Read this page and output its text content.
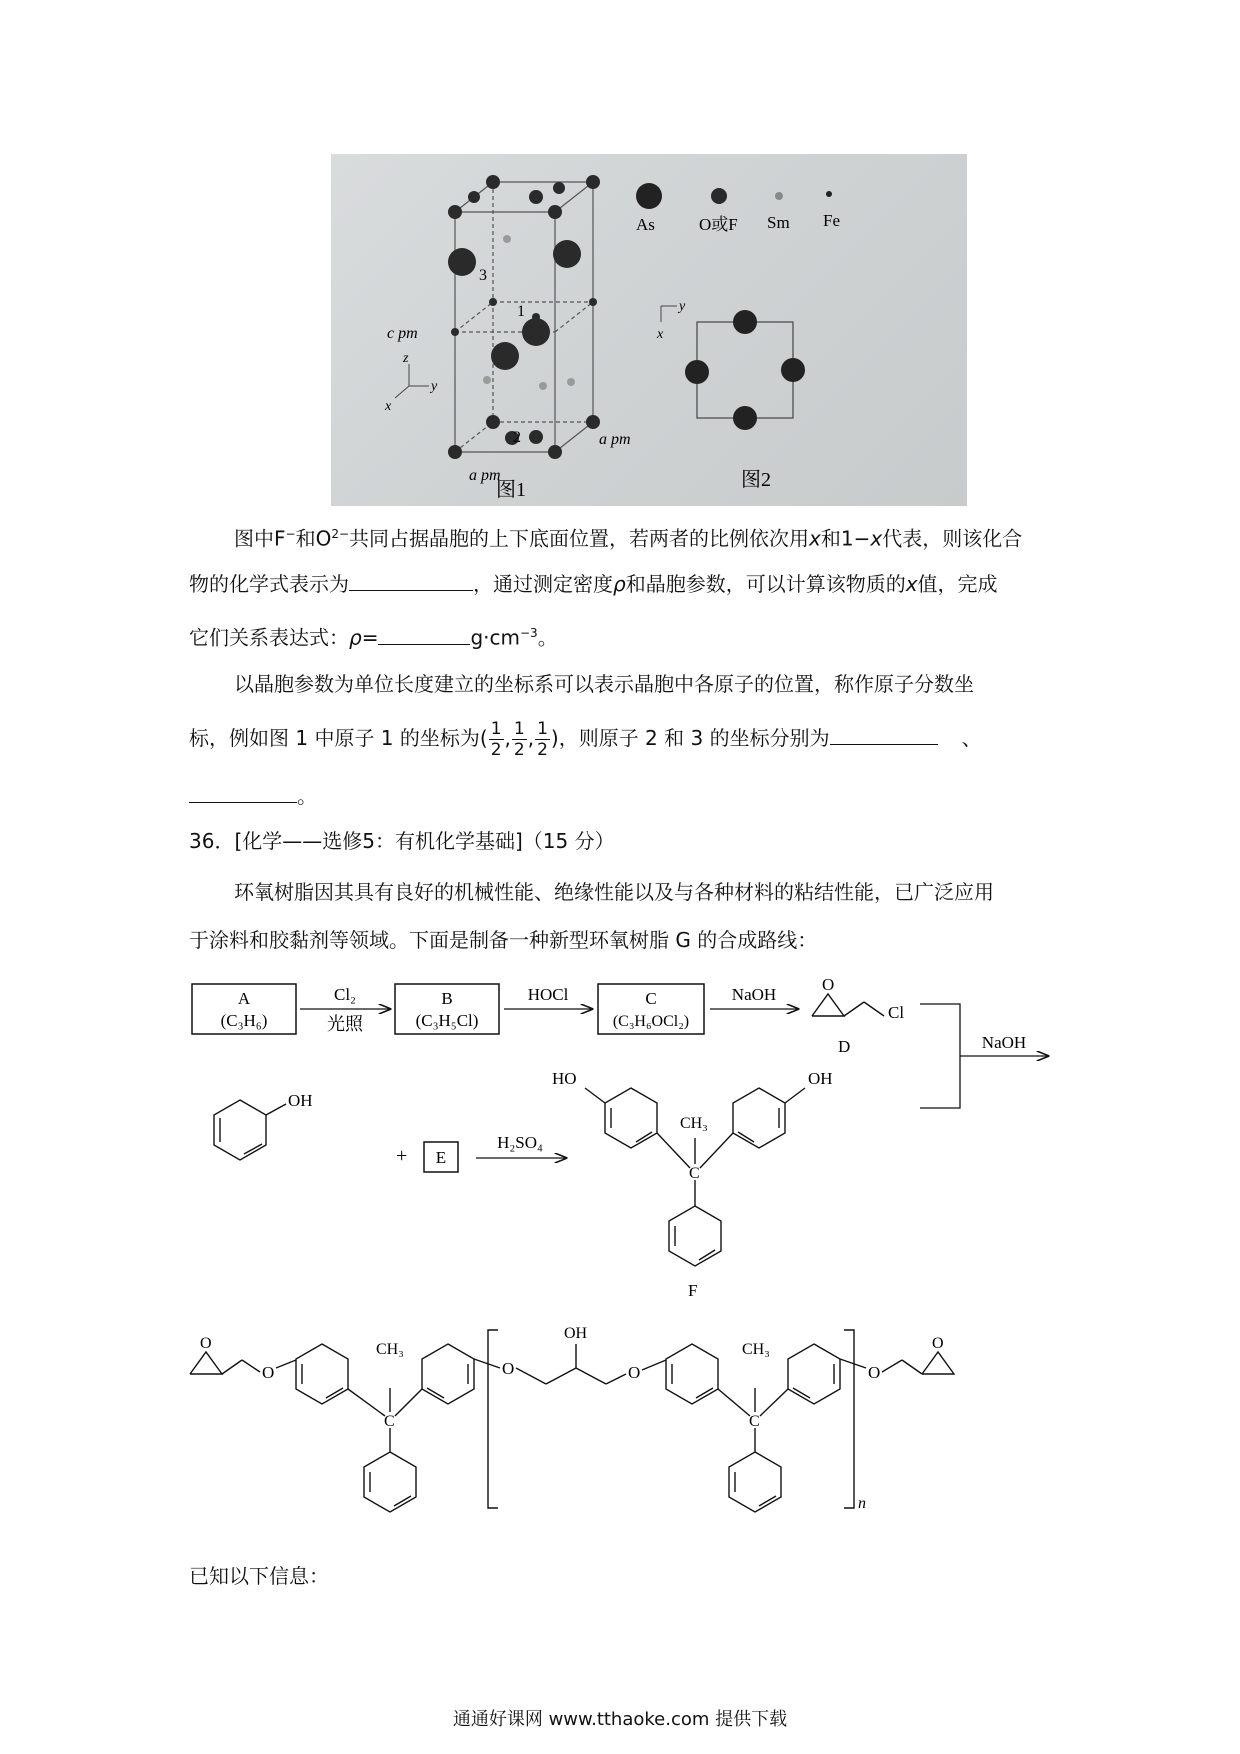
3
1
2
c pm
a pm
a pm
z
y
x
图1
As	O或F Sm Fe
y
x
图2
图中F−和$O^{2-}$共同占据晶胞的上下底面位置，若两者的比例依次用x和1−x代表，则该化合
物的化学式表示为	，通过测定密度ρ和晶胞参数，可以计算该物质的x值，完成
它们关系表达式：ρ=	$g\cdot cm^{-3}$。
以晶胞参数为单位长度建立的坐标系可以表示晶胞中各原子的位置，称作原子分数坐
标，例如图 1 中原子 1 的坐标为( $\frac{1}{2}$ , $\frac{1}{2}$ , $\frac{1}{2}$ )，则原子 2 和 3 的坐标分别为	、
。
36．[化学——选修5：有机化学基础]（15 分）
环氧树脂因其具有良好的机械性能、绝缘性能以及与各种材料的粘结性能，已广泛应用
于涂料和胶黏剂等领域。下面是制备一种新型环氧树脂 G 的合成路线：
A
(C₃H₆)
Cl₂
光照
B
(C₃H₅Cl)
HOCl	C
(C₃H₆OCl₂)
NaOH
O
Cl
D	NaOH
OH
+ E
H₂SO₄
HO	OH
CH₃
C
F
O
O
CH₃
C
O
OH
O
CH₃
C
n
O
O
已知以下信息：
通通好课网 www.tthaoke.com 提供下载
